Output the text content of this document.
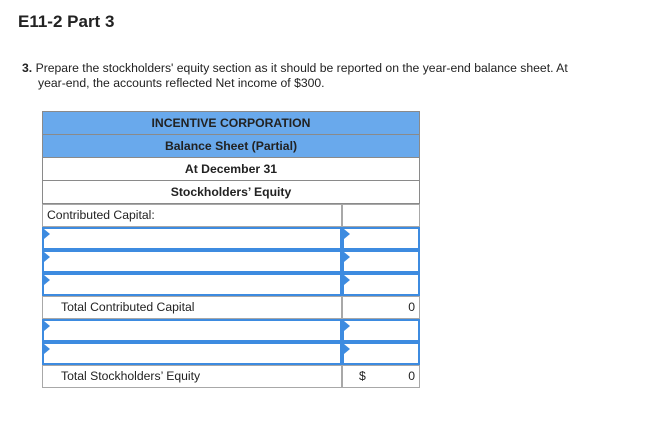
E11-2 Part 3
3. Prepare the stockholders' equity section as it should be reported on the year-end balance sheet. At
year-end, the accounts reflected Net income of $300.
INCENTIVE CORPORATION
Balance Sheet (Partial)
At December 31
Stockholders’ Equity
Contributed Capital:
Total Contributed Capital	0
Total Stockholders’ Equity	$	0
